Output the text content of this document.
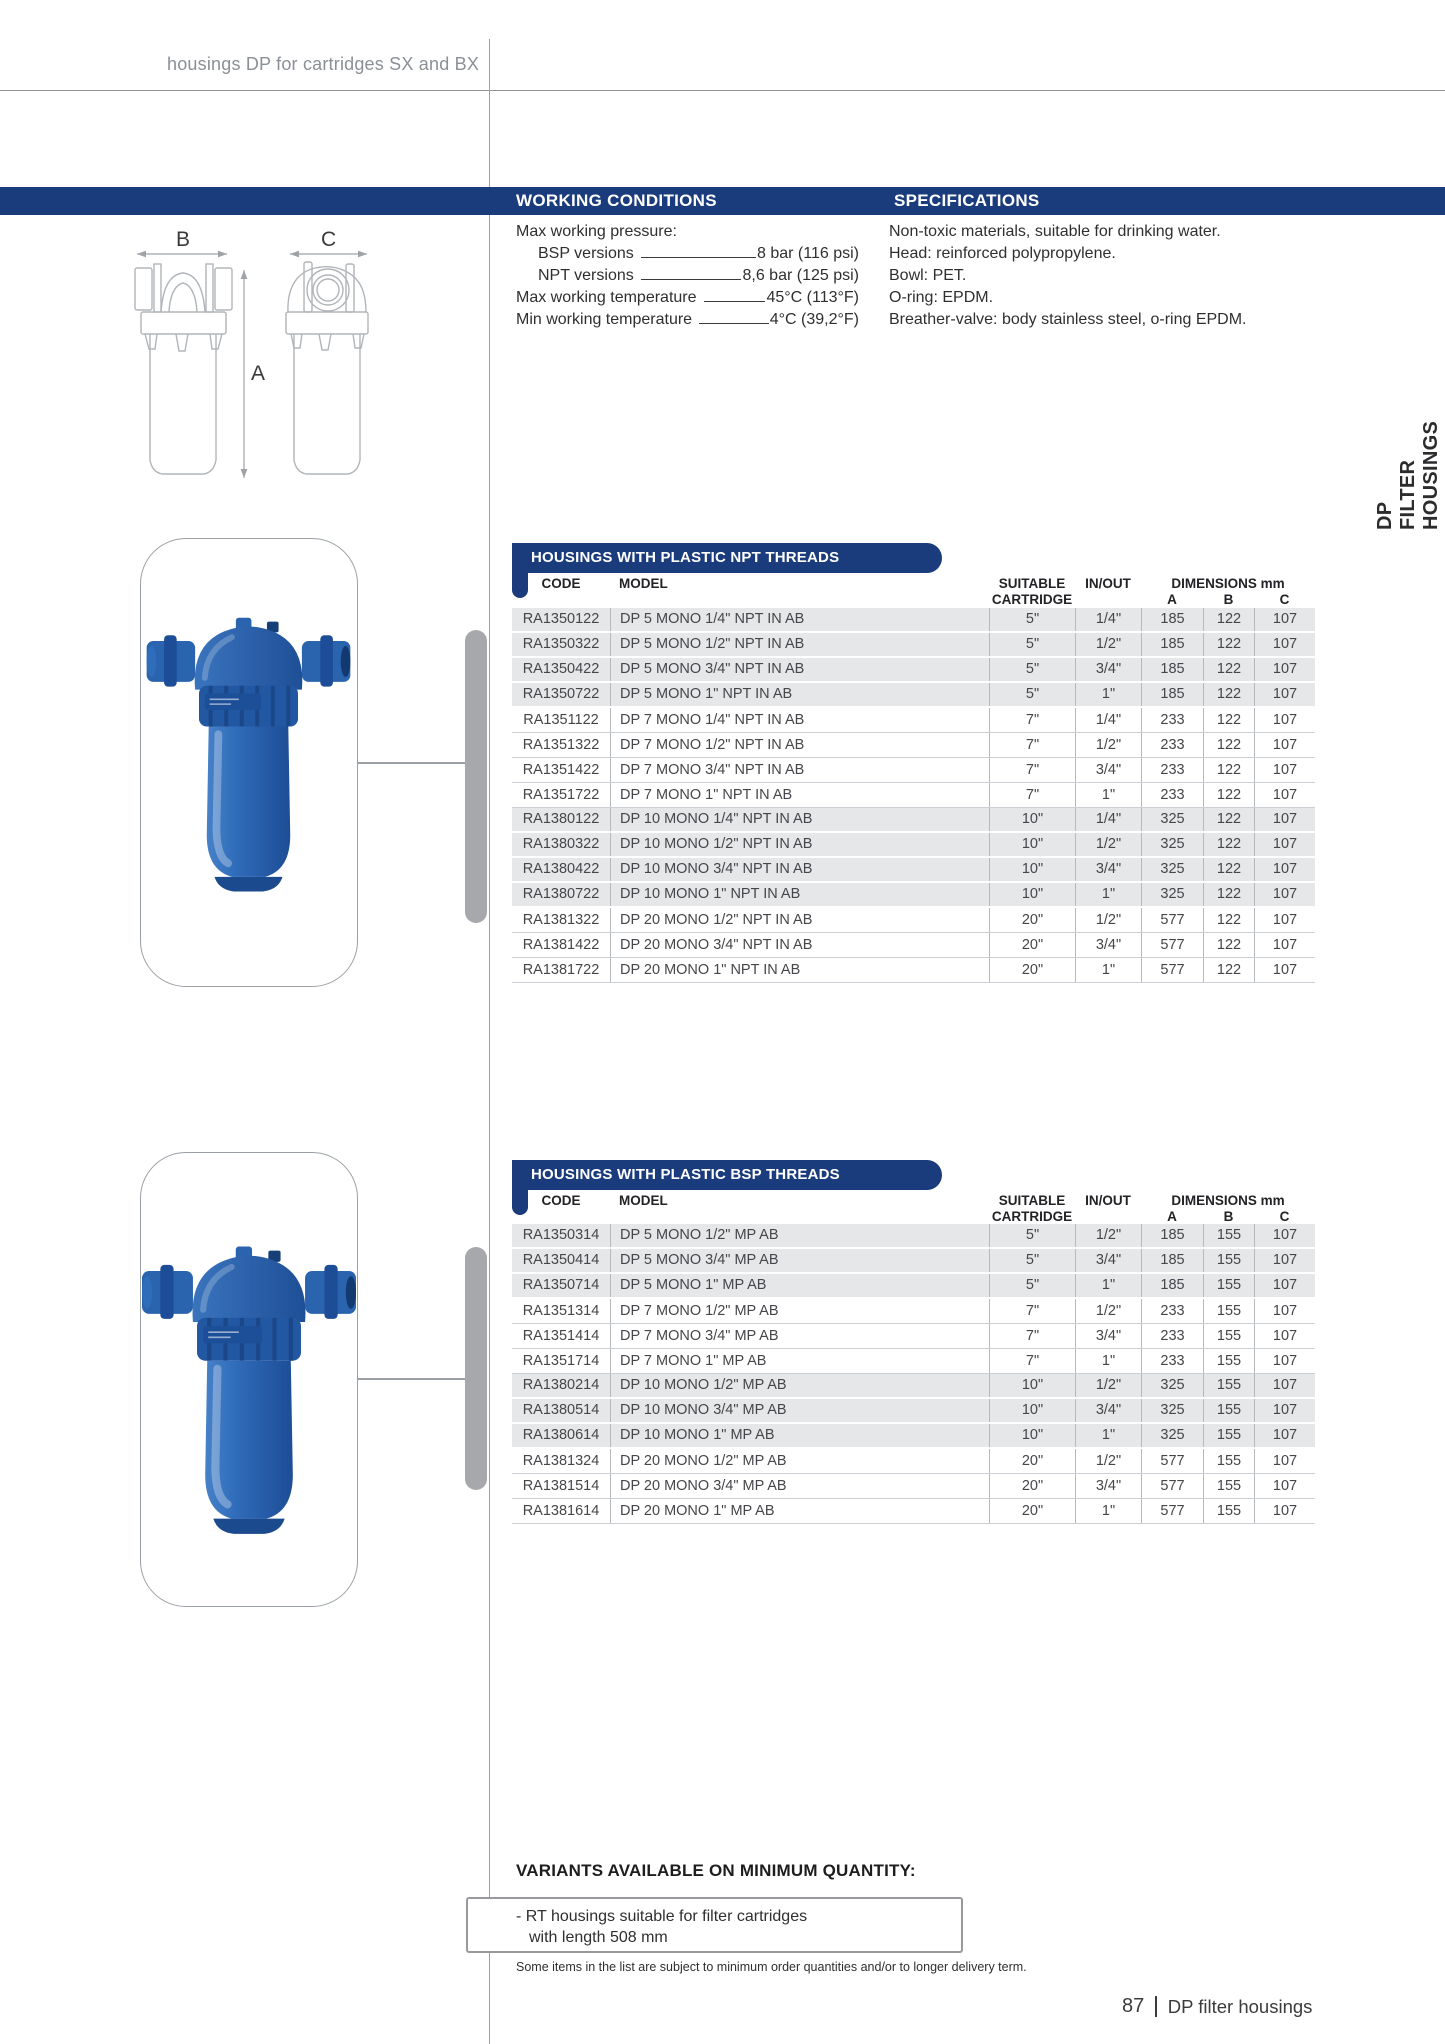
housings DP for cartridges SX and BX
WORKING CONDITIONS	SPECIFICATIONS
Max working pressure:
BSP versions	8 bar (116 psi)
NPT versions	8,6 bar (125 psi)
Max working temperature	45°C (113°F)
Min working temperature	4°C (39,2°F)
Non-toxic materials, suitable for drinking water.
Head: reinforced polypropylene.
Bowl: PET.
O-ring: EPDM.
Breather-valve: body stainless steel, o-ring EPDM.
DP FILTER HOUSINGS
B	C
A
HOUSINGS WITH PLASTIC NPT THREADS
CODE	MODEL	SUITABLE
CARTRIDGE
IN/OUT	DIMENSIONS mm
A	B	C
RA1350122	DP 5 MONO 1/4" NPT IN AB	5"	1/4"	185	122	107
RA1350322	DP 5 MONO 1/2" NPT IN AB	5"	1/2"	185	122	107
RA1350422	DP 5 MONO 3/4" NPT IN AB	5"	3/4"	185	122	107
RA1350722	DP 5 MONO 1" NPT IN AB	5"	1"	185	122	107
RA1351122	DP 7 MONO 1/4" NPT IN AB	7"	1/4"	233	122	107
RA1351322	DP 7 MONO 1/2" NPT IN AB	7"	1/2"	233	122	107
RA1351422	DP 7 MONO 3/4" NPT IN AB	7"	3/4"	233	122	107
RA1351722	DP 7 MONO 1" NPT IN AB	7"	1"	233	122	107
RA1380122	DP 10 MONO 1/4" NPT IN AB	10"	1/4"	325	122	107
RA1380322	DP 10 MONO 1/2" NPT IN AB	10"	1/2"	325	122	107
RA1380422	DP 10 MONO 3/4" NPT IN AB	10"	3/4"	325	122	107
RA1380722	DP 10 MONO 1" NPT IN AB	10"	1"	325	122	107
RA1381322	DP 20 MONO 1/2" NPT IN AB	20"	1/2"	577	122	107
RA1381422	DP 20 MONO 3/4" NPT IN AB	20"	3/4"	577	122	107
RA1381722	DP 20 MONO 1" NPT IN AB	20"	1"	577	122	107
HOUSINGS WITH PLASTIC BSP THREADS
CODE	MODEL	SUITABLE
CARTRIDGE
IN/OUT	DIMENSIONS mm
A	B	C
RA1350314	DP 5 MONO 1/2" MP AB	5"	1/2"	185	155	107
RA1350414	DP 5 MONO 3/4" MP AB	5"	3/4"	185	155	107
RA1350714	DP 5 MONO 1" MP AB	5"	1"	185	155	107
RA1351314	DP 7 MONO 1/2" MP AB	7"	1/2"	233	155	107
RA1351414	DP 7 MONO 3/4" MP AB	7"	3/4"	233	155	107
RA1351714	DP 7 MONO 1" MP AB	7"	1"	233	155	107
RA1380214	DP 10 MONO 1/2" MP AB	10"	1/2"	325	155	107
RA1380514	DP 10 MONO 3/4" MP AB	10"	3/4"	325	155	107
RA1380614	DP 10 MONO 1" MP AB	10"	1"	325	155	107
RA1381324	DP 20 MONO 1/2" MP AB	20"	1/2"	577	155	107
RA1381514	DP 20 MONO 3/4" MP AB	20"	3/4"	577	155	107
RA1381614	DP 20 MONO 1" MP AB	20"	1"	577	155	107
VARIANTS AVAILABLE ON MINIMUM QUANTITY:
- RT housings suitable for filter cartridges
with length 508 mm
Some items in the list are subject to minimum order quantities and/or to longer delivery term.
87 DP filter housings
